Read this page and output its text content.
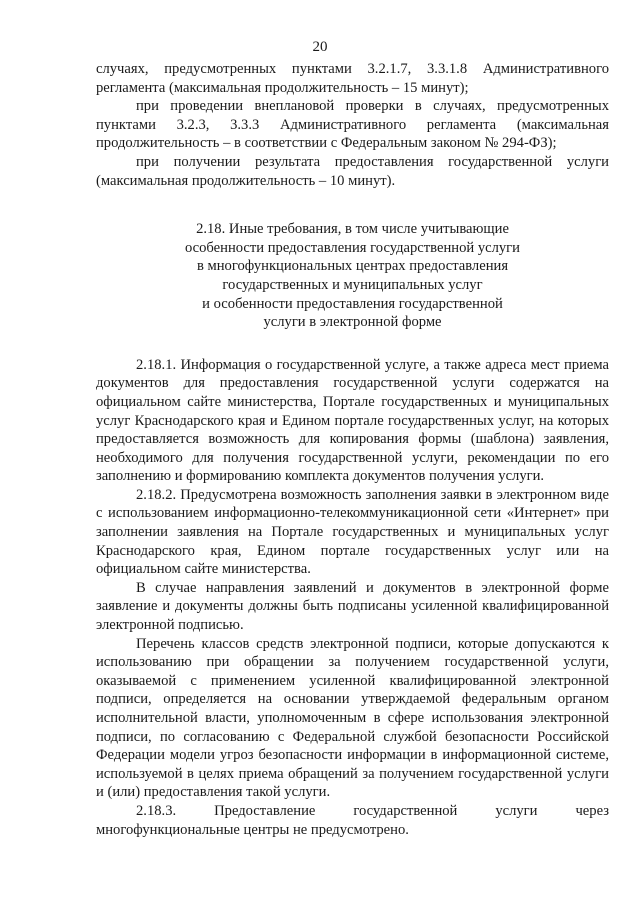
20

случаях, предусмотренных пунктами 3.2.1.7, 3.3.1.8 Административного регламента (максимальная продолжительность – 15 минут);

при проведении внеплановой проверки в случаях, предусмотренных пунктами 3.2.3, 3.3.3 Административного регламента (максимальная продолжительность – в соответствии с Федеральным законом № 294-ФЗ);

при получении результата предоставления государственной услуги (максимальная продолжительность – 10 минут).

2.18. Иные требования, в том числе учитывающие
особенности предоставления государственной услуги
в многофункциональных центрах предоставления
государственных и муниципальных услуг
и особенности предоставления государственной
услуги в электронной форме

2.18.1. Информация о государственной услуге, а также адреса мест приема документов для предоставления государственной услуги содержатся на официальном сайте министерства, Портале государственных и муниципальных услуг Краснодарского края и Едином портале государственных услуг, на которых предоставляется возможность для копирования формы (шаблона) заявления, необходимого для получения государственной услуги, рекомендации по его заполнению и формированию комплекта документов получения услуги.

2.18.2. Предусмотрена возможность заполнения заявки в электронном виде с использованием информационно-телекоммуникационной сети «Интернет» при заполнении заявления на Портале государственных и муниципальных услуг Краснодарского края, Едином портале государственных услуг или на официальном сайте министерства.

В случае направления заявлений и документов в электронной форме заявление и документы должны быть подписаны усиленной квалифицированной электронной подписью.

Перечень классов средств электронной подписи, которые допускаются к использованию при обращении за получением государственной услуги, оказываемой с применением усиленной квалифицированной электронной подписи, определяется на основании утверждаемой федеральным органом исполнительной власти, уполномоченным в сфере использования электронной подписи, по согласованию с Федеральной службой безопасности Российской Федерации модели угроз безопасности информации в информационной системе, используемой в целях приема обращений за получением государственной услуги и (или) предоставления такой услуги.

2.18.3. Предоставление государственной услуги через многофункциональные центры не предусмотрено.
